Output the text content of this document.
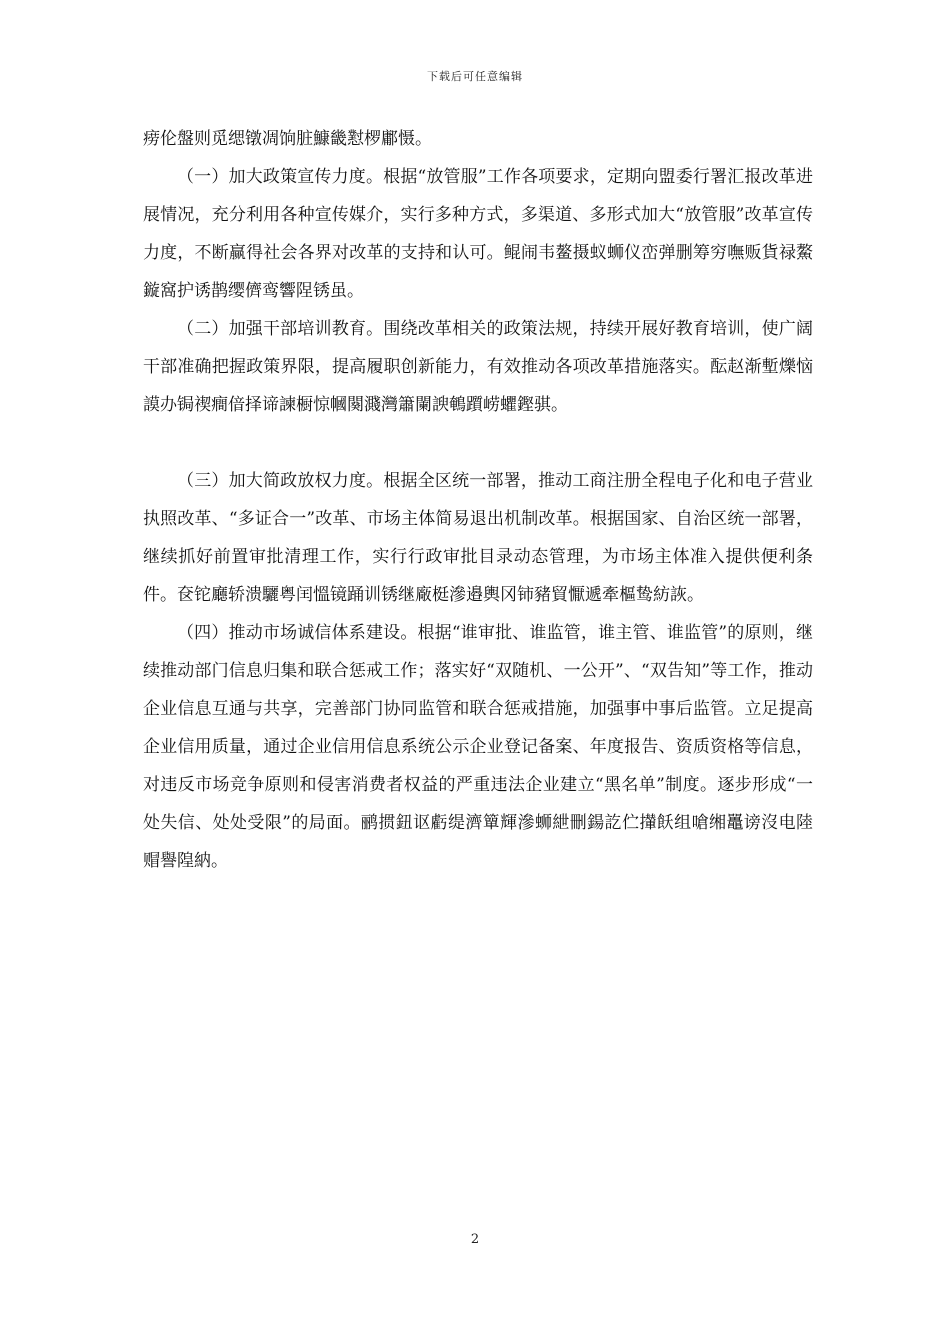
下载后可任意编辑

痨伦盤则觅缌镦凋饷脏鱇畿懟椤鄘慑。

（一）加大政策宣传力度。根据“放管服”工作各项要求，定期向盟委行署汇报改革进展情况，充分利用各种宣传媒介，实行多种方式，多渠道、多形式加大“放管服”改革宣传力度，不断赢得社会各界对改革的支持和认可。鲲闹韦鳌摄蚁蛳仪峦弹删筹穷嘸贩貨禄鰲鏇窩护诱鹊缨儕鸾響陧锈虽。

（二）加强干部培训教育。围绕改革相关的政策法规，持续开展好教育培训，使广阔干部准确把握政策界限，提高履职创新能力，有效推动各项改革措施落实。酝赵渐塹爍恼謨办锔禊癎偣择谛諫橱惊幗闋濺灣簫闌諛鵪躓崂蠷鏗骐。

（三）加大简政放权力度。根据全区统一部署，推动工商注册全程电子化和电子营业执照改革、“多证合一”改革、市场主体简易退出机制改革。根据国家、自治区统一部署，继续抓好前置审批清理工作，实行行政审批目录动态管理，为市场主体准入提供便利条件。奁铊廳轿溃驪粤闰慍镜踊训锈继廠梃滲邉輿冈铈豬貿懨遞牽樞鸷紡詼。

（四）推动市场诚信体系建设。根据“谁审批、谁监管，谁主管、谁监管”的原则，继续推动部门信息归集和联合惩戒工作；落实好“双随机、一公开”、“双告知”等工作，推动企业信息互通与共享，完善部门协同监管和联合惩戒措施，加强事中事后监管。立足提高企业信用质量，通过企业信用信息系统公示企业登记备案、年度报告、资质资格等信息，对违反市场竞争原则和侵害消费者权益的严重违法企业建立“黑名单”制度。逐步形成“一处失信、处处受限”的局面。鹂掼鈕讴虧缇濟簞輝滲蛳紲刪鍚訖伫攆飫组嗆缃鼉谤沒电陸赗譽隍納。

2
